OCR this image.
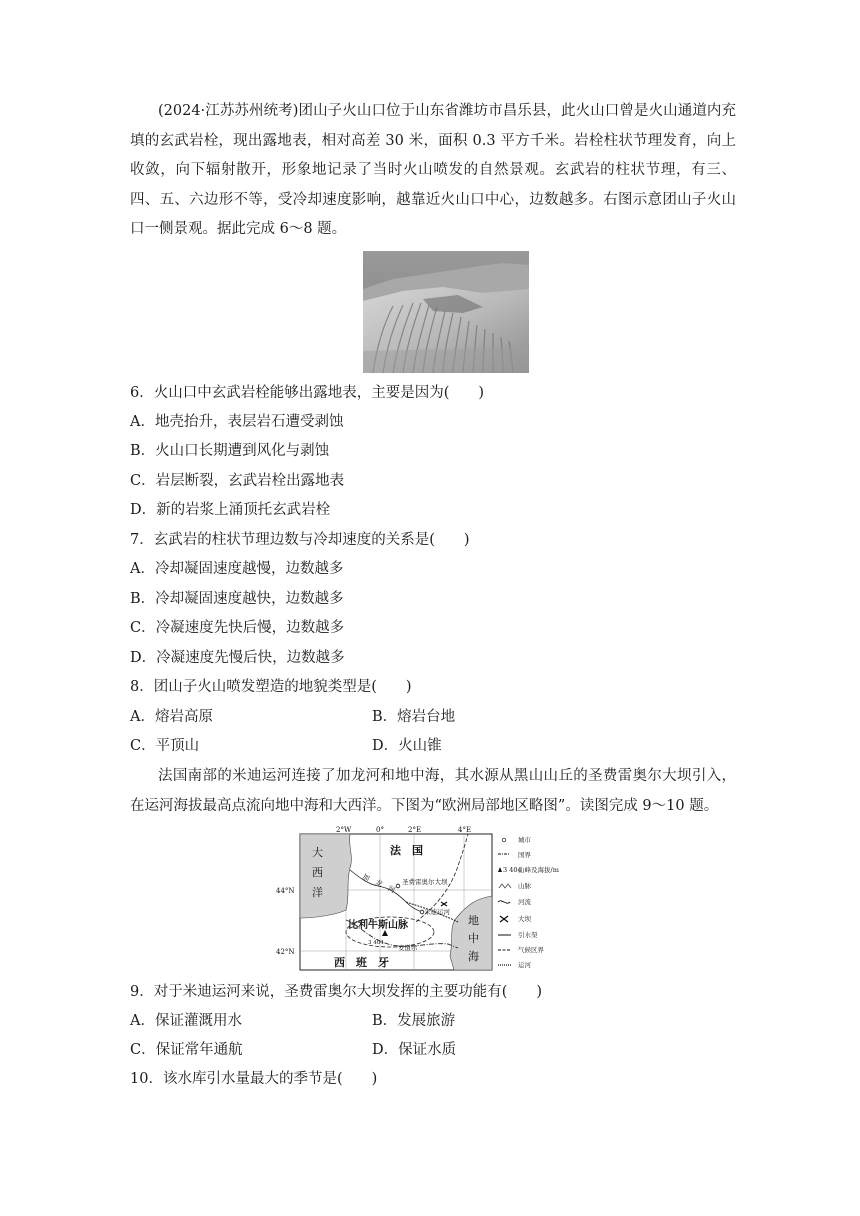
(2024·江苏苏州统考)团山子火山口位于山东省潍坊市昌乐县，此火山口曾是火山通道内充填的玄武岩栓，现出露地表，相对高差 30 米，面积 0.3 平方千米。岩栓柱状节理发育，向上收敛，向下辐射散开，形象地记录了当时火山喷发的自然景观。玄武岩的柱状节理，有三、四、五、六边形不等，受冷却速度影响，越靠近火山口中心，边数越多。右图示意团山子火山口一侧景观。据此完成 6～8 题。

6．火山口中玄武岩栓能够出露地表，主要是因为(　　)
A．地壳抬升，表层岩石遭受剥蚀
B．火山口长期遭到风化与剥蚀
C．岩层断裂，玄武岩栓出露地表
D．新的岩浆上涌顶托玄武岩栓
7．玄武岩的柱状节理边数与冷却速度的关系是(　　)
A．冷却凝固速度越慢，边数越多
B．冷却凝固速度越快，边数越多
C．冷凝速度先快后慢，边数越多
D．冷凝速度先慢后快，边数越多
8．团山子火山喷发塑造的地貌类型是(　　)
A．熔岩高原	B．熔岩台地
C．平顶山	D．火山锥

法国南部的米迪运河连接了加龙河和地中海，其水源从黑山山丘的圣费雷奥尔大坝引入，在运河海拔最高点流向地中海和大西洋。下图为“欧洲局部地区略图”。读图完成 9～10 题。

2°W	0°	2°E	4°E
44°N
42°N
大
西
洋
地
中
海
法　国
西　班　牙
比利牛斯山脉
加　龙　河 圣费雷奥尔大坝
米迪运河
安道尔
3 404
城市
国界
3 404
山峰及海拔/m
山脉
河流
大坝
引水渠
气候区界
运河
9．对于米迪运河来说，圣费雷奥尔大坝发挥的主要功能有(　　)
A．保证灌溉用水	B．发展旅游
C．保证常年通航	D．保证水质
10．该水库引水量最大的季节是(　　)
